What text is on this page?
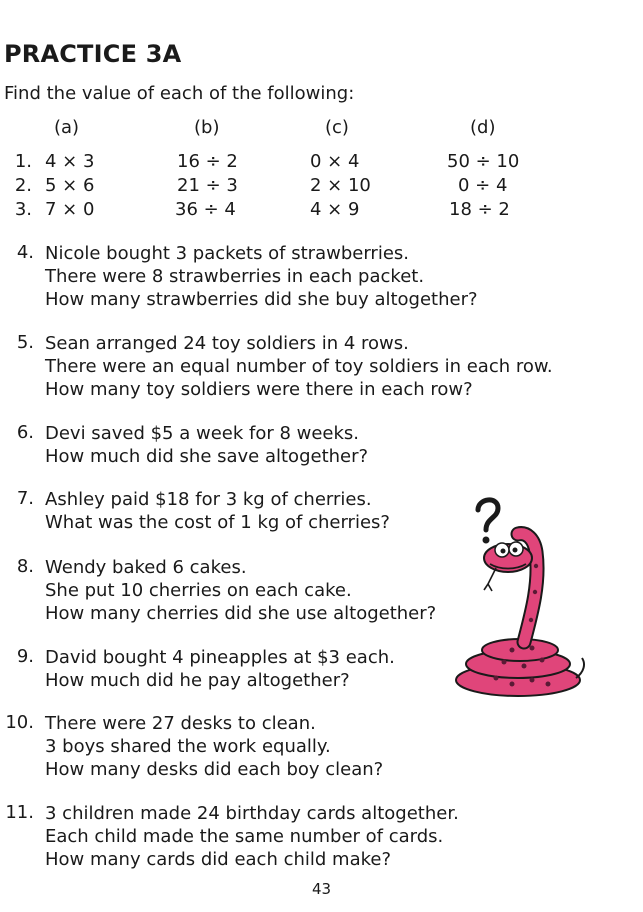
PRACTICE 3A
Find the value of each of the following:
(a)	(b)	(c)	(d)
1. 4 × 3	16 ÷ 2	0 × 4	50 ÷ 10
2. 5 × 6	21 ÷ 3	2 × 10	0 ÷ 4
3. 7 × 0	36 ÷ 4	4 × 9	18 ÷ 2
4. Nicole bought 3 packets of strawberries.
There were 8 strawberries in each packet.
How many strawberries did she buy altogether?
5. Sean arranged 24 toy soldiers in 4 rows.
There were an equal number of toy soldiers in each row.
How many toy soldiers were there in each row?
6. Devi saved $5 a week for 8 weeks.
How much did she save altogether?
7. Ashley paid $18 for 3 kg of cherries.
What was the cost of 1 kg of cherries?
8. Wendy baked 6 cakes.
She put 10 cherries on each cake.
How many cherries did she use altogether?
9. David bought 4 pineapples at $3 each.
How much did he pay altogether?
10. There were 27 desks to clean.
3 boys shared the work equally.
How many desks did each boy clean?
11. 3 children made 24 birthday cards altogether.
Each child made the same number of cards.
How many cards did each child make?
43
